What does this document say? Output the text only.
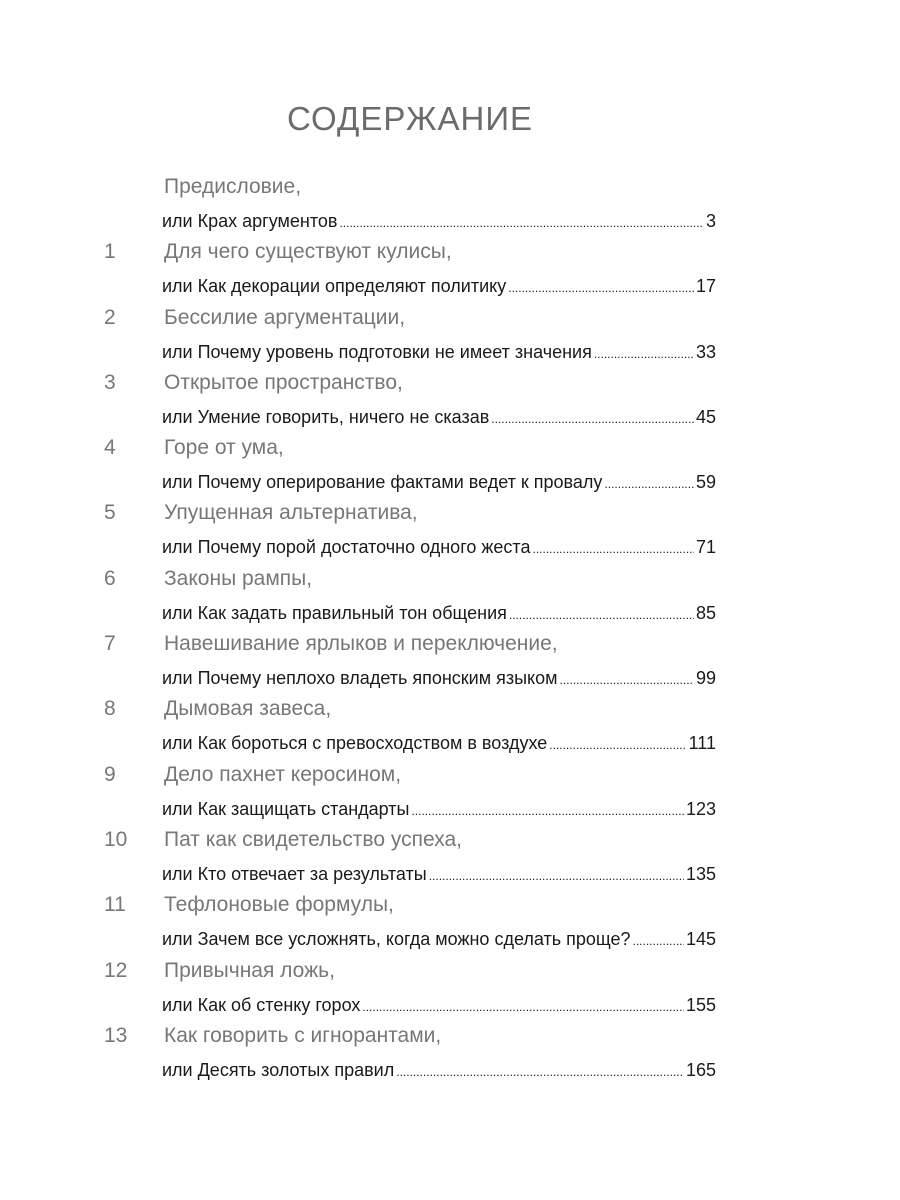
СОДЕРЖАНИЕ
Предисловие,
или Крах аргументов .....	3
1 Для чего существуют кулисы,
или Как декорации определяют политику .....	17
2 Бессилие аргументации,
или Почему уровень подготовки не имеет значения .....	33
3 Открытое пространство,
или Умение говорить, ничего не сказав .....	45
4 Горе от ума,
или Почему оперирование фактами ведет к провалу .....	59
5 Упущенная альтернатива,
или Почему порой достаточно одного жеста .....	71
6 Законы рампы,
или Как задать правильный тон общения .....	85
7 Навешивание ярлыков и переключение,
или Почему неплохо владеть японским языком .....	99
8 Дымовая завеса,
или Как бороться с превосходством в воздухе .....	111
9 Дело пахнет керосином,
или Как защищать стандарты .....	123
10 Пат как свидетельство успеха,
или Кто отвечает за результаты .....	135
11 Тефлоновые формулы,
или Зачем все усложнять, когда можно сделать проще? .....	145
12 Привычная ложь,
или Как об стенку горох .....	155
13 Как говорить с игнорантами,
или Десять золотых правил .....	165
